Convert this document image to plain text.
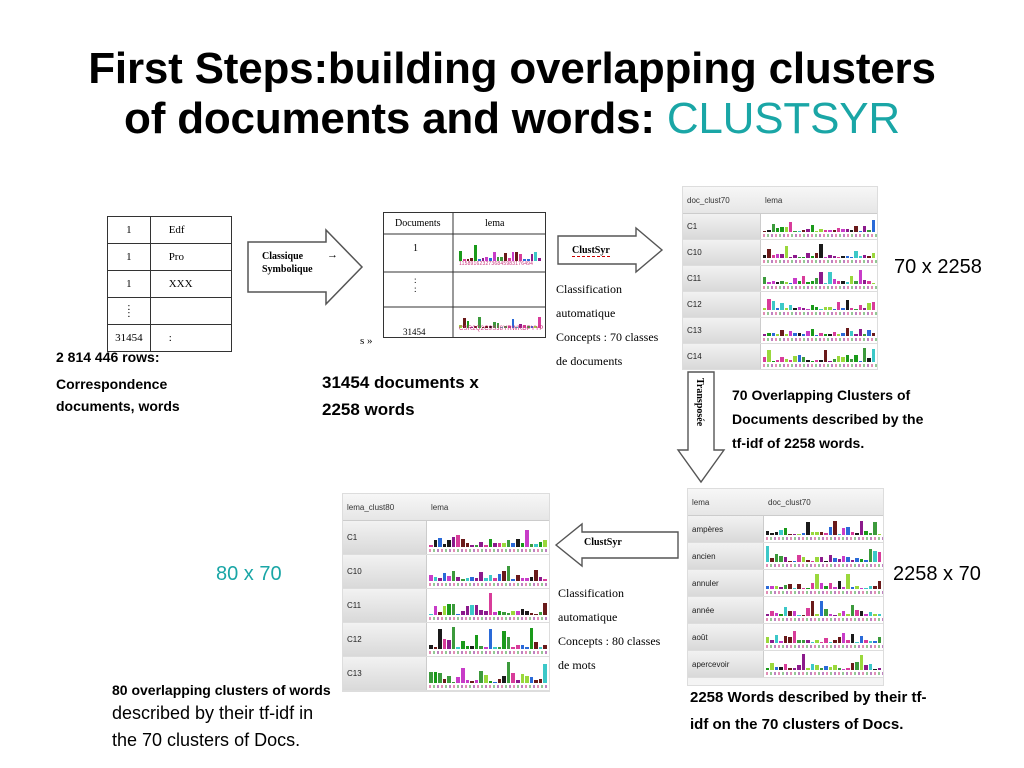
First Steps:building overlapping clusters
of documents and words: CLUSTSYR
1	Edf
1	Pro
1	XXX
:
:	
31454	:
Classique
Symbolique
→
2 814 446 rows:
Correspondence
documents, words
Documents	lema
1
:
:
31454
1158916232736845983176494
CSR2Q2C9SJ8YRWRDPYYP
s »
31454 documents x
2258 words
ClustSyr
Classification
automatique
Concepts : 70 classes
de documents
doc_clust70	lema
C1
C10
C11
C12
C13
C14
70 x 2258
Transposée 70 Overlapping Clusters of
Documents described by the
tf-idf of 2258 words.
lema	doc_clust70
ampères
ancien
annuler
année
août
apercevoir
2258 x 70
2258 Words described by their tf-
idf on the 70 clusters of Docs.
ClustSyr
Classification
automatique
Concepts : 80 classes
de mots
lema_clust80	lema
C1
C10
C11
C12
C13
80 x 70
80 overlapping clusters of words
described by their tf-idf in
the 70 clusters of Docs.
